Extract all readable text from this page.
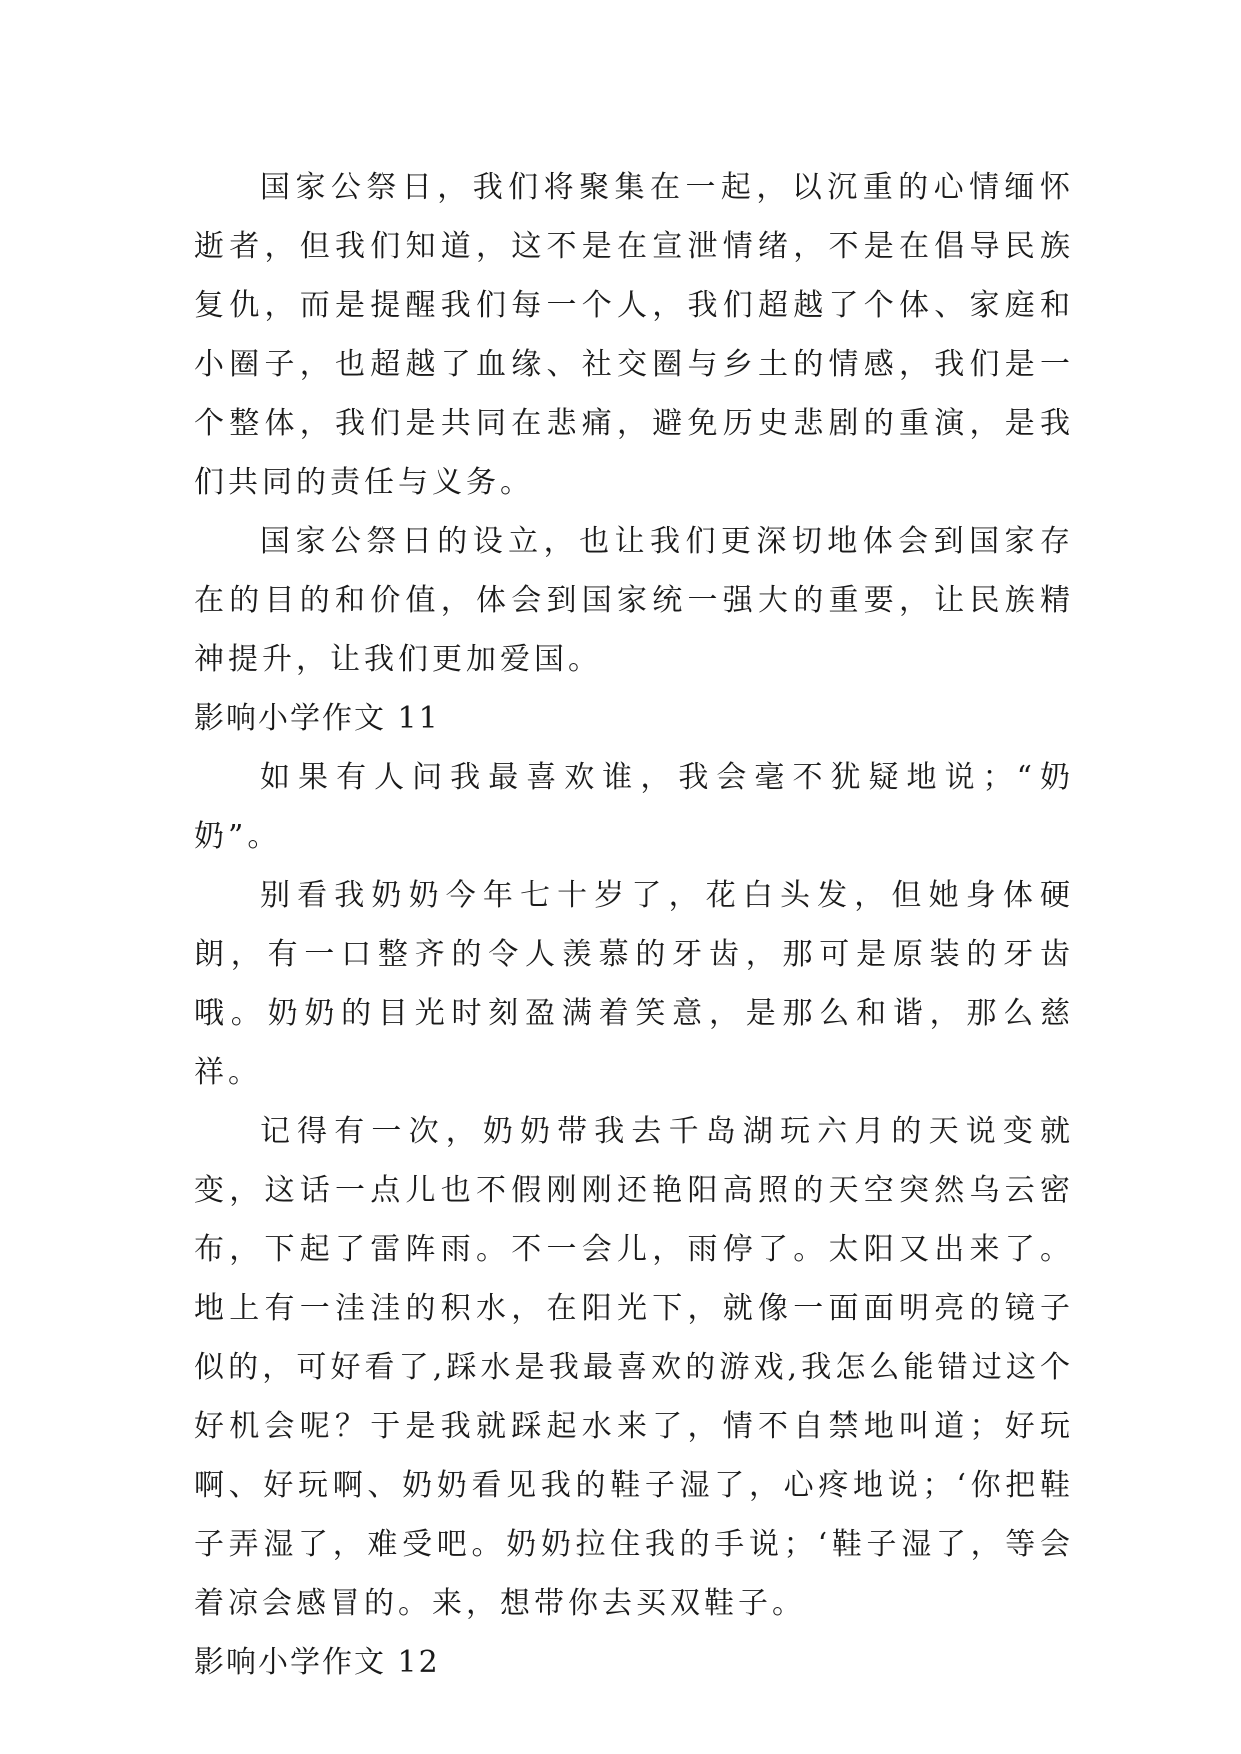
国家公祭日，我们将聚集在一起，以沉重的心情缅怀逝者，但我们知道，这不是在宣泄情绪，不是在倡导民族复仇，而是提醒我们每一个人，我们超越了个体、家庭和小圈子，也超越了血缘、社交圈与乡土的情感，我们是一个整体，我们是共同在悲痛，避免历史悲剧的重演，是我们共同的责任与义务。

国家公祭日的设立，也让我们更深切地体会到国家存在的目的和价值，体会到国家统一强大的重要，让民族精神提升，让我们更加爱国。

影响小学作文 11

如果有人问我最喜欢谁，我会毫不犹疑地说；“奶奶”。

别看我奶奶今年七十岁了，花白头发，但她身体硬朗，有一口整齐的令人羡慕的牙齿，那可是原装的牙齿哦。奶奶的目光时刻盈满着笑意，是那么和谐，那么慈祥。

记得有一次，奶奶带我去千岛湖玩六月的天说变就变，这话一点儿也不假刚刚还艳阳高照的天空突然乌云密布，下起了雷阵雨。不一会儿，雨停了。太阳又出来了。地上有一洼洼的积水，在阳光下，就像一面面明亮的镜子似的，可好看了,踩水是我最喜欢的游戏,我怎么能错过这个好机会呢？于是我就踩起水来了，情不自禁地叫道；好玩啊、好玩啊、奶奶看见我的鞋子湿了，心疼地说；‘你把鞋子弄湿了，难受吧。奶奶拉住我的手说；‘鞋子湿了，等会着凉会感冒的。来，想带你去买双鞋子。

影响小学作文 12
